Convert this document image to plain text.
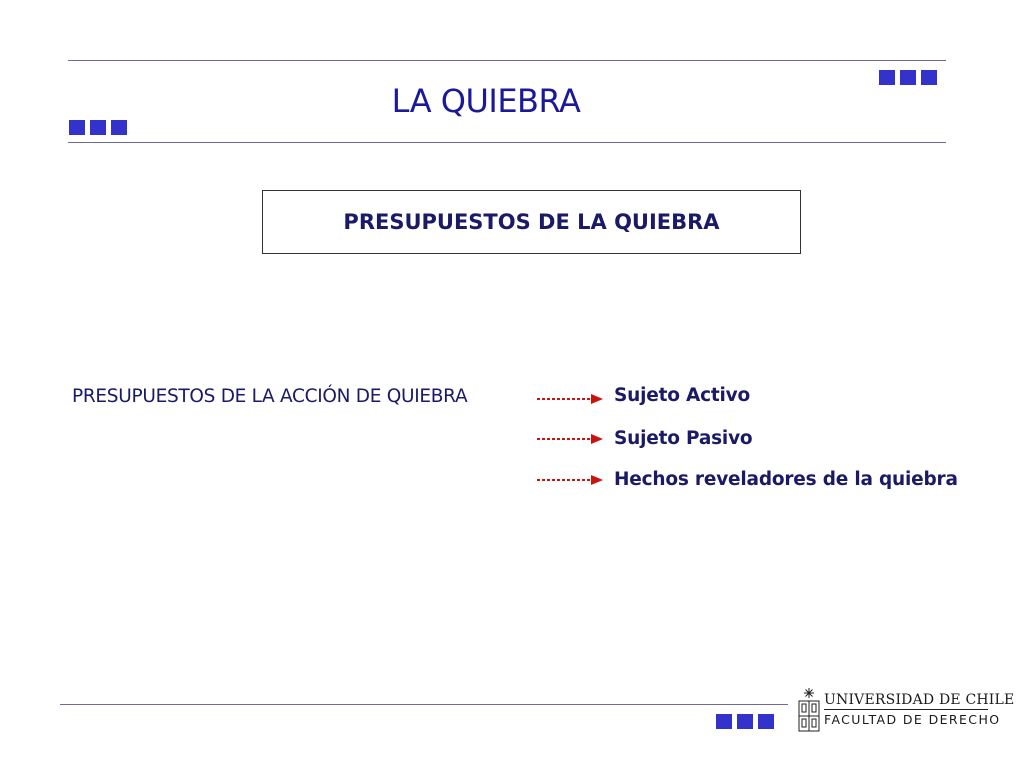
LA QUIEBRA
PRESUPUESTOS DE LA QUIEBRA
PRESUPUESTOS DE LA ACCIÓN DE QUIEBRA	Sujeto Activo
Sujeto Pasivo
Hechos reveladores de la quiebra
UNIVERSIDAD DE CHILE
FACULTAD DE DERECHO
